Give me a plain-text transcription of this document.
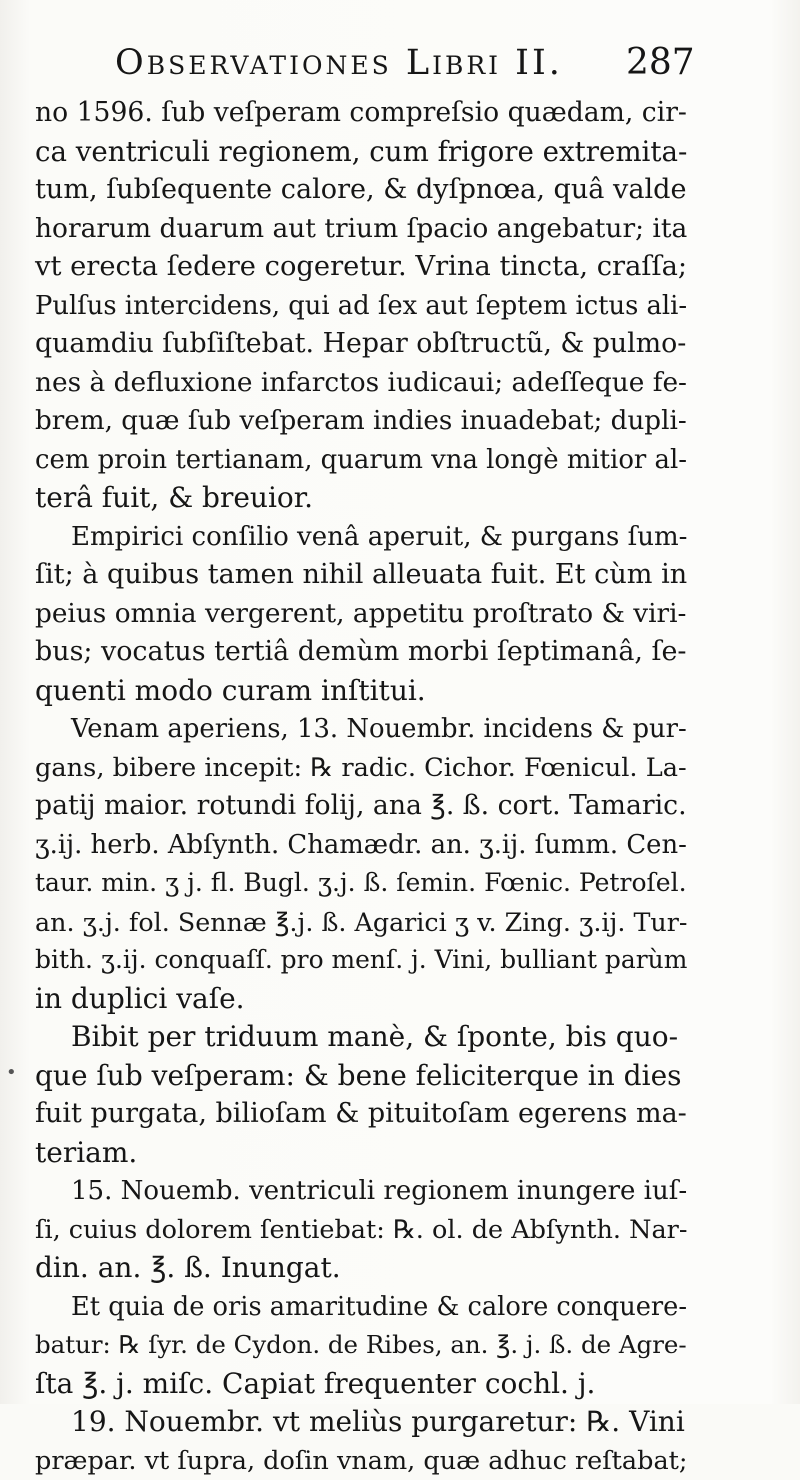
Observationes Libri II. 287
no 1596. ſub veſperam compreſsio quædam, cir-
ca ventriculi regionem, cum frigore extremita-
tum, ſubſequente calore, & dyſpnœa, quâ valde
horarum duarum aut trium ſpacio angebatur; ita
vt erecta ſedere cogeretur. Vrina tincta, craſſa;
Pulſus intercidens, qui ad ſex aut ſeptem ictus ali-
quamdiu ſubſiſtebat. Hepar obſtructũ, & pulmo-
nes à defluxione infarctos iudicaui; adeſſeque fe-
brem, quæ ſub veſperam indies inuadebat; dupli-
cem proin tertianam, quarum vna longè mitior al-
terâ fuit, & breuior.
Empirici conſilio venâ aperuit, & purgans ſum-
ſit; à quibus tamen nihil alleuata fuit. Et cùm in
peius omnia vergerent, appetitu proſtrato & viri-
bus; vocatus tertiâ demùm morbi ſeptimanâ, ſe-
quenti modo curam inſtitui.
Venam aperiens, 13. Nouembr. incidens & pur-
gans, bibere incepit: ℞ radic. Cichor. Fœnicul. La-
patij maior. rotundi folij, ana ℥. ß. cort. Tamaric.
ʒ.ij. herb. Abſynth. Chamædr. an. ʒ.ij. ſumm. Cen-
taur. min. ʒ j. fl. Bugl. ʒ.j. ß. ſemin. Fœnic. Petroſel.
an. ʒ.j. fol. Sennæ ℥.j. ß. Agarici ʒ v. Zing. ʒ.ij. Tur-
bith. ʒ.ij. conquaſſ. pro menſ. j. Vini, bulliant parùm
in duplici vaſe.
Bibit per triduum manè, & ſponte, bis quo-
que ſub veſperam: & bene feliciterque in dies
fuit purgata, bilioſam & pituitoſam egerens ma-
teriam.
15. Nouemb. ventriculi regionem inungere iuſ-
ſi, cuius dolorem ſentiebat: ℞. ol. de Abſynth. Nar-
din. an. ℥. ß. Inungat.
Et quia de oris amaritudine & calore conquere-
batur: ℞ ſyr. de Cydon. de Ribes, an. ℥. j. ß. de Agre-
ſta ℥. j. miſc. Capiat frequenter cochl. j.
19. Nouembr. vt meliùs purgaretur: ℞. Vini
præpar. vt ſupra, doſin vnam, quæ adhuc reſtabat;
•
